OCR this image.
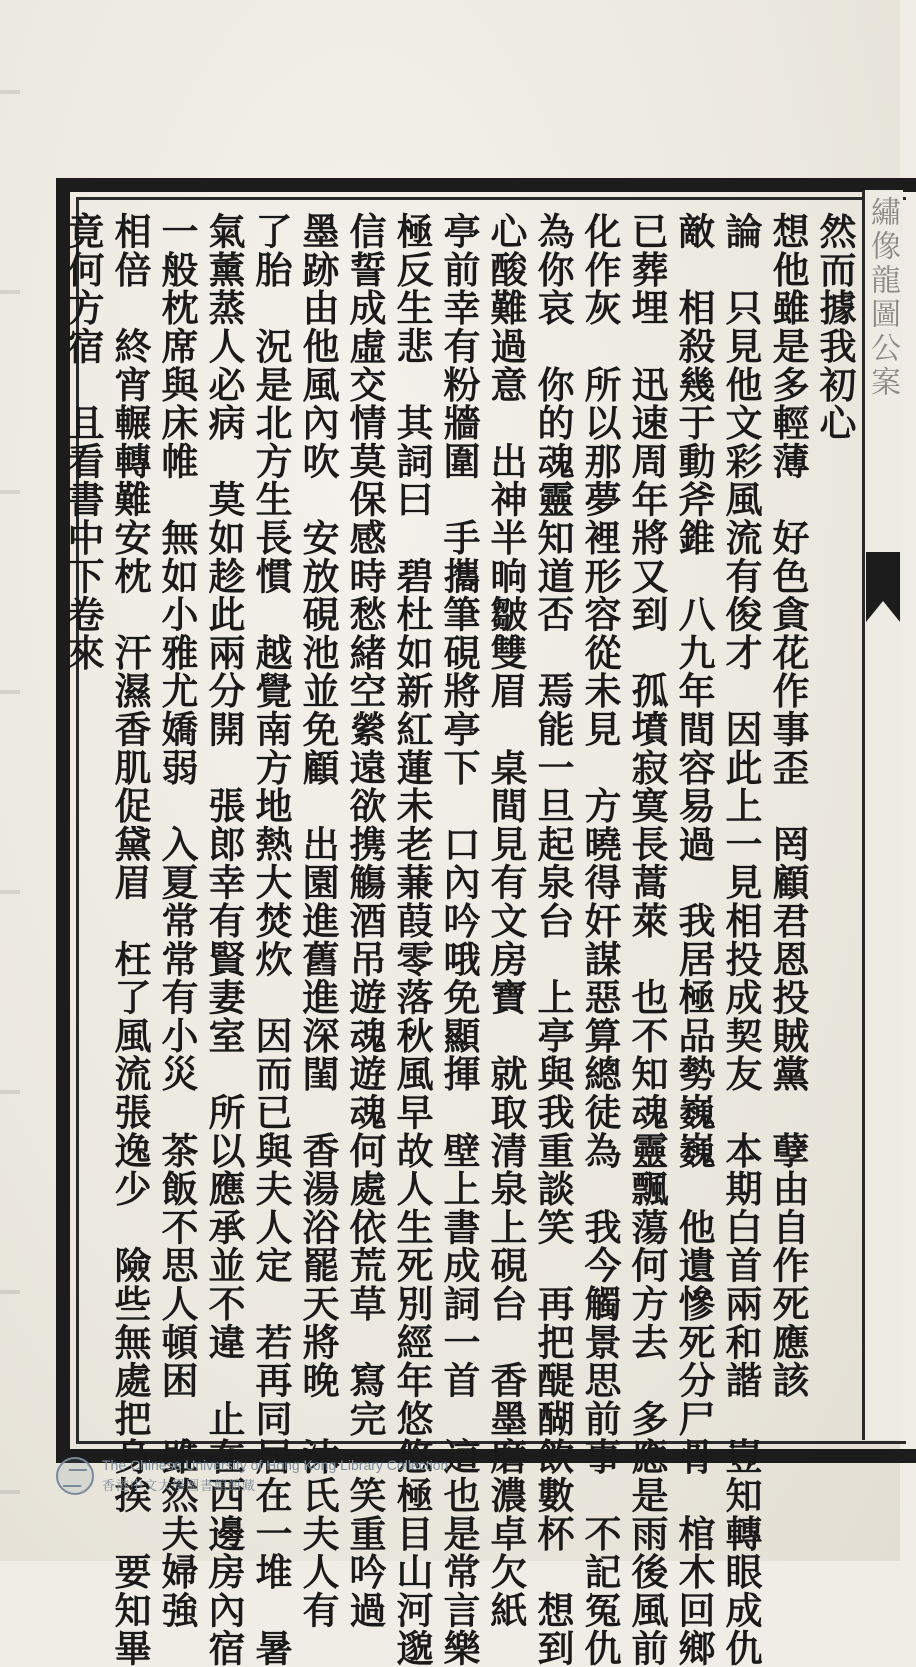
繡像龍圖公案
然而據我初心
想他雖是多輕薄　好色貪花作事歪　罔顧君恩投賊黨　孽由自作死應該
論　只見他文彩風流有俊才　因此上一見相投成契友　本期白首兩和諧　豈知轉眼成仇
敵　相殺幾于動斧錐　八九年間容易過　我居極品勢巍巍　他遺慘死分尸骨　棺木回鄉
已葬埋　迅速周年將又到　孤墳寂寞長蒿萊　也不知魂靈飄蕩何方去　多應是雨後風前
化作灰　所以那夢裡形容從未見　方曉得奸謀惡算總徒為　我今觸景思前事　不記冤仇
為你哀　你的魂靈知道否　焉能一旦起泉台　上亭與我重談笑　再把醍醐飲數杯　想到
心酸難過意　出神半晌皺雙眉　桌間見有文房寶　就取清泉上硯台　香墨磨濃卓欠紙
亭前幸有粉牆圍　手攜筆硯將亭下　口內吟哦免顯揮　壁上書成詞一首　這也是常言樂
極反生悲　其詞曰　碧杜如新紅蓮未老蒹葭零落秋風早故人生死別經年悠悠極目山河邈
信誓成虛交情莫保感時愁緒空縈遠欲携觴酒吊遊魂遊魂何處依荒草　寫完一笑重吟過
墨跡由他風內吹　安放硯池並免顧　出園進舊進深閨　香湯浴罷天將晚　沐氏夫人有
了胎　況是北方生長慣　越覺南方地熱大焚炊　因而已與夫人定　若再同居在一堆　暑
氣薰蒸人必病　莫如趁此兩分開　張郎幸有賢妻室　所以應承並不違　止在西邊房內宿
一般枕席與床帷　無如小雅尤嬌弱　入夏常常有小災　茶飯不思人頓困　雖然夫婦強
相倍　終宵輾轉難安枕　汗濕香肌促黛眉　枉了風流張逸少　險些無處把身挨　要知畢
竟何方宿　且看書中下卷來
The Chinese University of Hong Kong Library Collection
香港中文大學圖書館館藏
